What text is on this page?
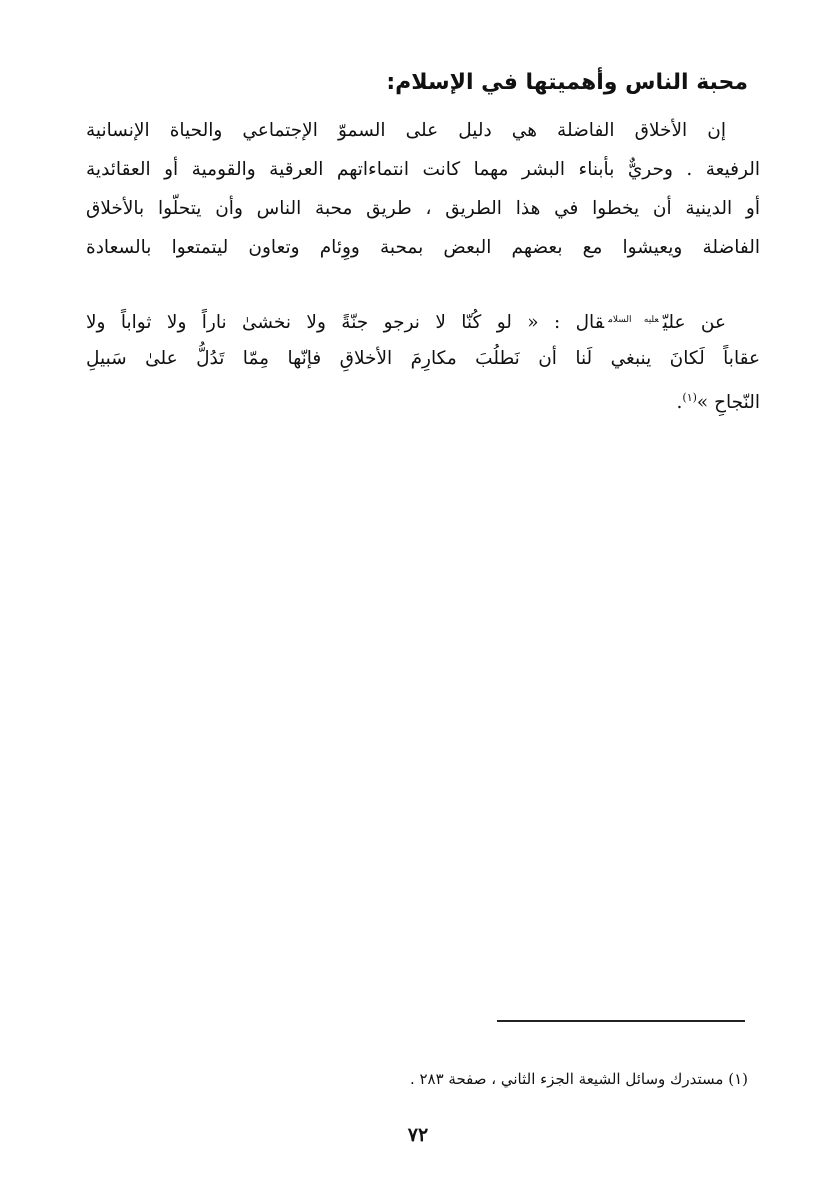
محبة الناس وأهميتها في الإسلام:
إن الأخلاق الفاضلة هي دليل على السموّ الإجتماعي والحياة الإنسانية
الرفيعة . وحريٌّ بأبناء البشر مهما كانت انتماءاتهم العرقية والقومية أو العقائدية
أو الدينية أن يخطوا في هذا الطريق ، طريق محبة الناس وأن يتحلّوا بالأخلاق
الفاضلة ويعيشوا مع بعضهم البعض بمحبة ووِئام وتعاون ليتمتعوا بالسعادة
عن عليّ$^{عليه السلام}$قال : « لو كُنّا لا نرجو جنّةً ولا نخشىٰ ناراً ولا ثواباً ولا
عقاباً لَكانَ ينبغي لَنا أن نَطلُبَ مكارِمَ الأخلاقِ فإنّها مِمّا تَدُلُّ علىٰ سَبيلِ
النّجاحِ »$^{(١)}$.
(١) مستدرك وسائل الشيعة الجزء الثاني ، صفحة ٢٨٣ .
٧٢
